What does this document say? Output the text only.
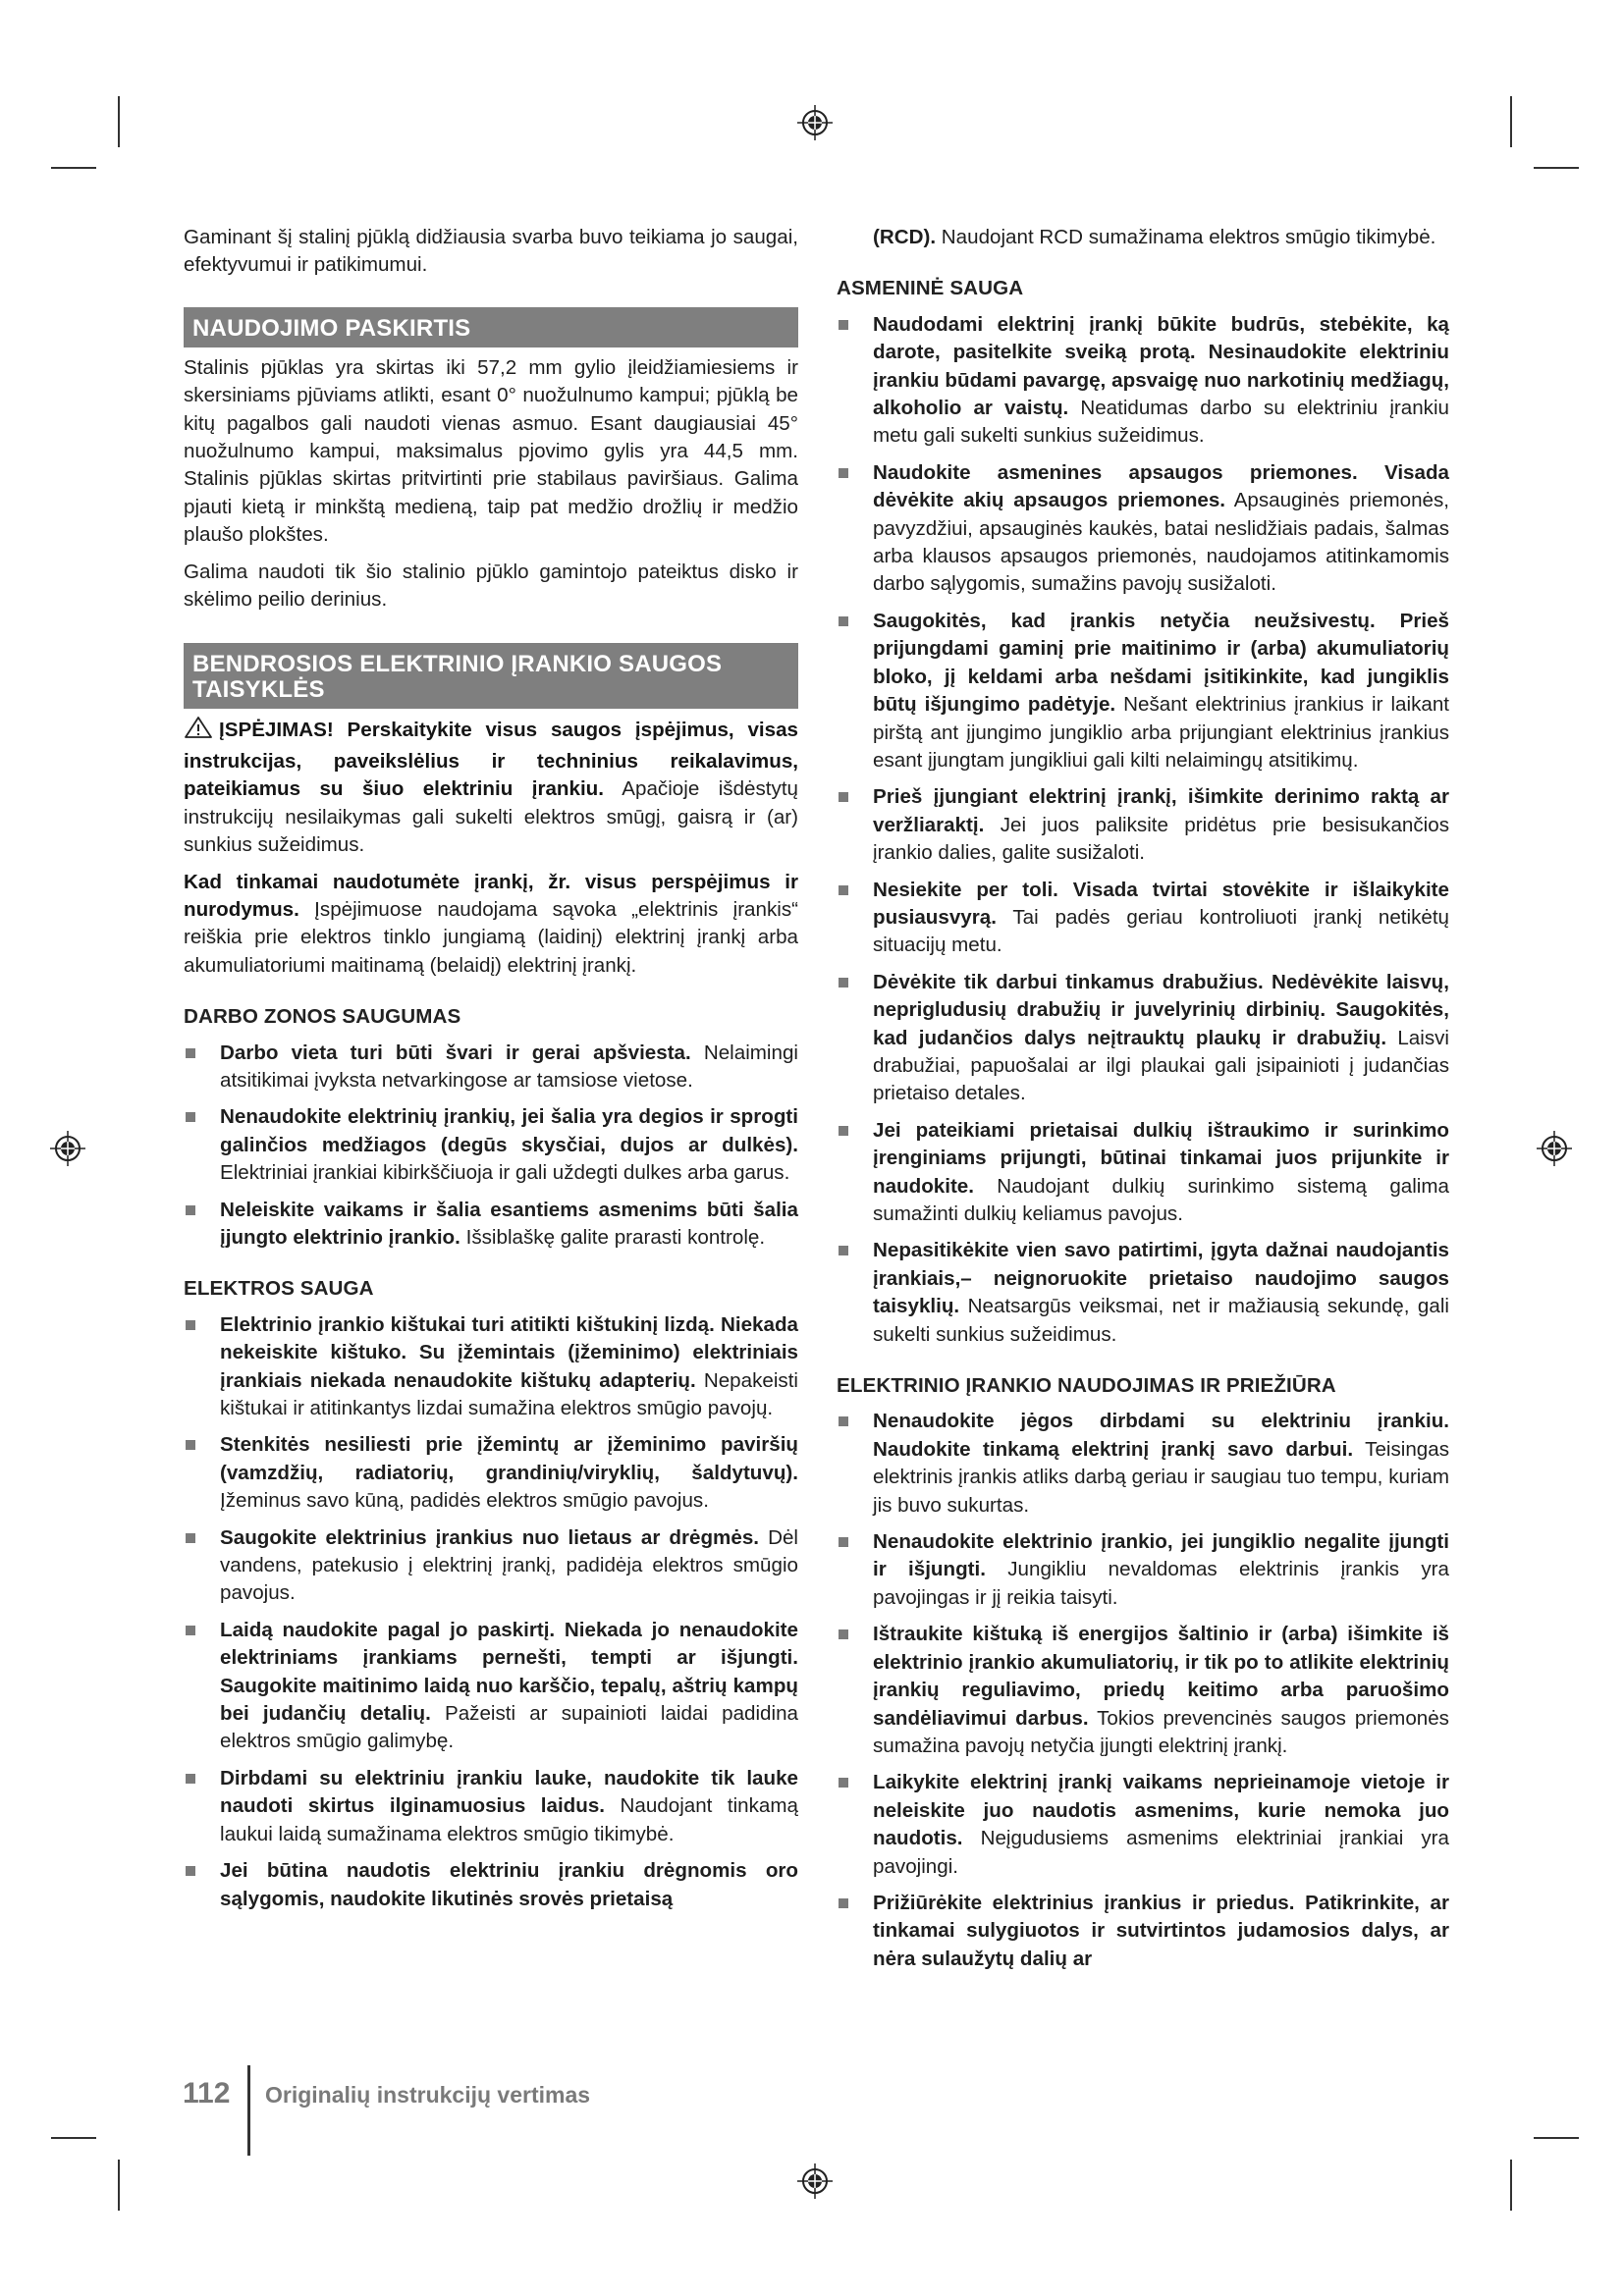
Gaminant šį stalinį pjūklą didžiausia svarba buvo teikiama jo saugai, efektyvumui ir patikimumui.
NAUDOJIMO PASKIRTIS
Stalinis pjūklas yra skirtas iki 57,2 mm gylio įleidžiamiesiems ir skersiniams pjūviams atlikti, esant 0° nuožulnumo kampui; pjūklą be kitų pagalbos gali naudoti vienas asmuo. Esant daugiausiai 45° nuožulnumo kampui, maksimalus pjovimo gylis yra 44,5 mm. Stalinis pjūklas skirtas pritvirtinti prie stabilaus paviršiaus. Galima pjauti kietą ir minkštą medieną, taip pat medžio drožlių ir medžio plaušo plokštes.
Galima naudoti tik šio stalinio pjūklo gamintojo pateiktus disko ir skėlimo peilio derinius.
BENDROSIOS ELEKTRINIO ĮRANKIO SAUGOS TAISYKLĖS
ĮSPĖJIMAS! Perskaitykite visus saugos įspėjimus, visas instrukcijas, paveikslėlius ir techninius reikalavimus, pateikiamus su šiuo elektriniu įrankiu. Apačioje išdėstytų instrukcijų nesilaikymas gali sukelti elektros smūgį, gaisrą ir (ar) sunkius sužeidimus.
Kad tinkamai naudotumėte įrankį, žr. visus perspėjimus ir nurodymus. Įspėjimuose naudojama sąvoka „elektrinis įrankis“ reiškia prie elektros tinklo jungiamą (laidinį) elektrinį įrankį arba akumuliatoriumi maitinamą (belaidį) elektrinį įrankį.
DARBO ZONOS SAUGUMAS
Darbo vieta turi būti švari ir gerai apšviesta. Nelaimingi atsitikimai įvyksta netvarkingose ar tamsiose vietose.
Nenaudokite elektrinių įrankių, jei šalia yra degios ir sprogti galinčios medžiagos (degūs skysčiai, dujos ar dulkės). Elektriniai įrankiai kibirkščiuoja ir gali uždegti dulkes arba garus.
Neleiskite vaikams ir šalia esantiems asmenims būti šalia įjungto elektrinio įrankio. Išsiblaškę galite prarasti kontrolę.
ELEKTROS SAUGA
Elektrinio įrankio kištukai turi atitikti kištukinį lizdą. Niekada nekeiskite kištuko. Su įžemintais (įžeminimo) elektriniais įrankiais niekada nenaudokite kištukų adapterių. Nepakeisti kištukai ir atitinkantys lizdai sumažina elektros smūgio pavojų.
Stenkitės nesiliesti prie įžemintų ar įžeminimo paviršių (vamzdžių, radiatorių, grandinių/viryklių, šaldytuvų). Įžeminus savo kūną, padidės elektros smūgio pavojus.
Saugokite elektrinius įrankius nuo lietaus ar drėgmės. Dėl vandens, patekusio į elektrinį įrankį, padidėja elektros smūgio pavojus.
Laidą naudokite pagal jo paskirtį. Niekada jo nenaudokite elektriniams įrankiams pernešti, tempti ar išjungti. Saugokite maitinimo laidą nuo karščio, tepalų, aštrių kampų bei judančių detalių. Pažeisti ar supainioti laidai padidina elektros smūgio galimybę.
Dirbdami su elektriniu įrankiu lauke, naudokite tik lauke naudoti skirtus ilginamuosius laidus. Naudojant tinkamą laukui laidą sumažinama elektros smūgio tikimybė.
Jei būtina naudotis elektriniu įrankiu drėgnomis oro sąlygomis, naudokite likutinės srovės prietaisą
(RCD). Naudojant RCD sumažinama elektros smūgio tikimybė.
ASMENINĖ SAUGA
Naudodami elektrinį įrankį būkite budrūs, stebėkite, ką darote, pasitelkite sveiką protą. Nesinaudokite elektriniu įrankiu būdami pavargę, apsvaigę nuo narkotinių medžiagų, alkoholio ar vaistų. Neatidumas darbo su elektriniu įrankiu metu gali sukelti sunkius sužeidimus.
Naudokite asmenines apsaugos priemones. Visada dėvėkite akių apsaugos priemones. Apsauginės priemonės, pavyzdžiui, apsauginės kaukės, batai neslidžiais padais, šalmas arba klausos apsaugos priemonės, naudojamos atitinkamomis darbo sąlygomis, sumažins pavojų susižaloti.
Saugokitės, kad įrankis netyčia neužsivestų. Prieš prijungdami gaminį prie maitinimo ir (arba) akumuliatorių bloko, jį keldami arba nešdami įsitikinkite, kad jungiklis būtų išjungimo padėtyje. Nešant elektrinius įrankius ir laikant pirštą ant įjungimo jungiklio arba prijungiant elektrinius įrankius esant įjungtam jungikliui gali kilti nelaimingų atsitikimų.
Prieš įjungiant elektrinį įrankį, išimkite derinimo raktą ar veržliaraktį. Jei juos paliksite pridėtus prie besisukančios įrankio dalies, galite susižaloti.
Nesiekite per toli. Visada tvirtai stovėkite ir išlaikykite pusiausvyrą. Tai padės geriau kontroliuoti įrankį netikėtų situacijų metu.
Dėvėkite tik darbui tinkamus drabužius. Nedėvėkite laisvų, neprigludusių drabužių ir juvelyrinių dirbinių. Saugokitės, kad judančios dalys neįtrauktų plaukų ir drabužių. Laisvi drabužiai, papuošalai ar ilgi plaukai gali įsipainioti į judančias prietaiso detales.
Jei pateikiami prietaisai dulkių ištraukimo ir surinkimo įrenginiams prijungti, būtinai tinkamai juos prijunkite ir naudokite. Naudojant dulkių surinkimo sistemą galima sumažinti dulkių keliamus pavojus.
Nepasitikėkite vien savo patirtimi, įgyta dažnai naudojantis įrankiais,– neignoruokite prietaiso naudojimo saugos taisyklių. Neatsargūs veiksmai, net ir mažiausią sekundę, gali sukelti sunkius sužeidimus.
ELEKTRINIO ĮRANKIO NAUDOJIMAS IR PRIEŽIŪRA
Nenaudokite jėgos dirbdami su elektriniu įrankiu. Naudokite tinkamą elektrinį įrankį savo darbui. Teisingas elektrinis įrankis atliks darbą geriau ir saugiau tuo tempu, kuriam jis buvo sukurtas.
Nenaudokite elektrinio įrankio, jei jungiklio negalite įjungti ir išjungti. Jungikliu nevaldomas elektrinis įrankis yra pavojingas ir jį reikia taisyti.
Ištraukite kištuką iš energijos šaltinio ir (arba) išimkite iš elektrinio įrankio akumuliatorių, ir tik po to atlikite elektrinių įrankių reguliavimo, priedų keitimo arba paruošimo sandėliavimui darbus. Tokios prevencinės saugos priemonės sumažina pavojų netyčia įjungti elektrinį įrankį.
Laikykite elektrinį įrankį vaikams neprieinamoje vietoje ir neleiskite juo naudotis asmenims, kurie nemoka juo naudotis. Neįgudusiems asmenims elektriniai įrankiai yra pavojingi.
Prižiūrėkite elektrinius įrankius ir priedus. Patikrinkite, ar tinkamai sulygiuotos ir sutvirtintos judamosios dalys, ar nėra sulaužytų dalių ar
112 Originalių instrukcijų vertimas
